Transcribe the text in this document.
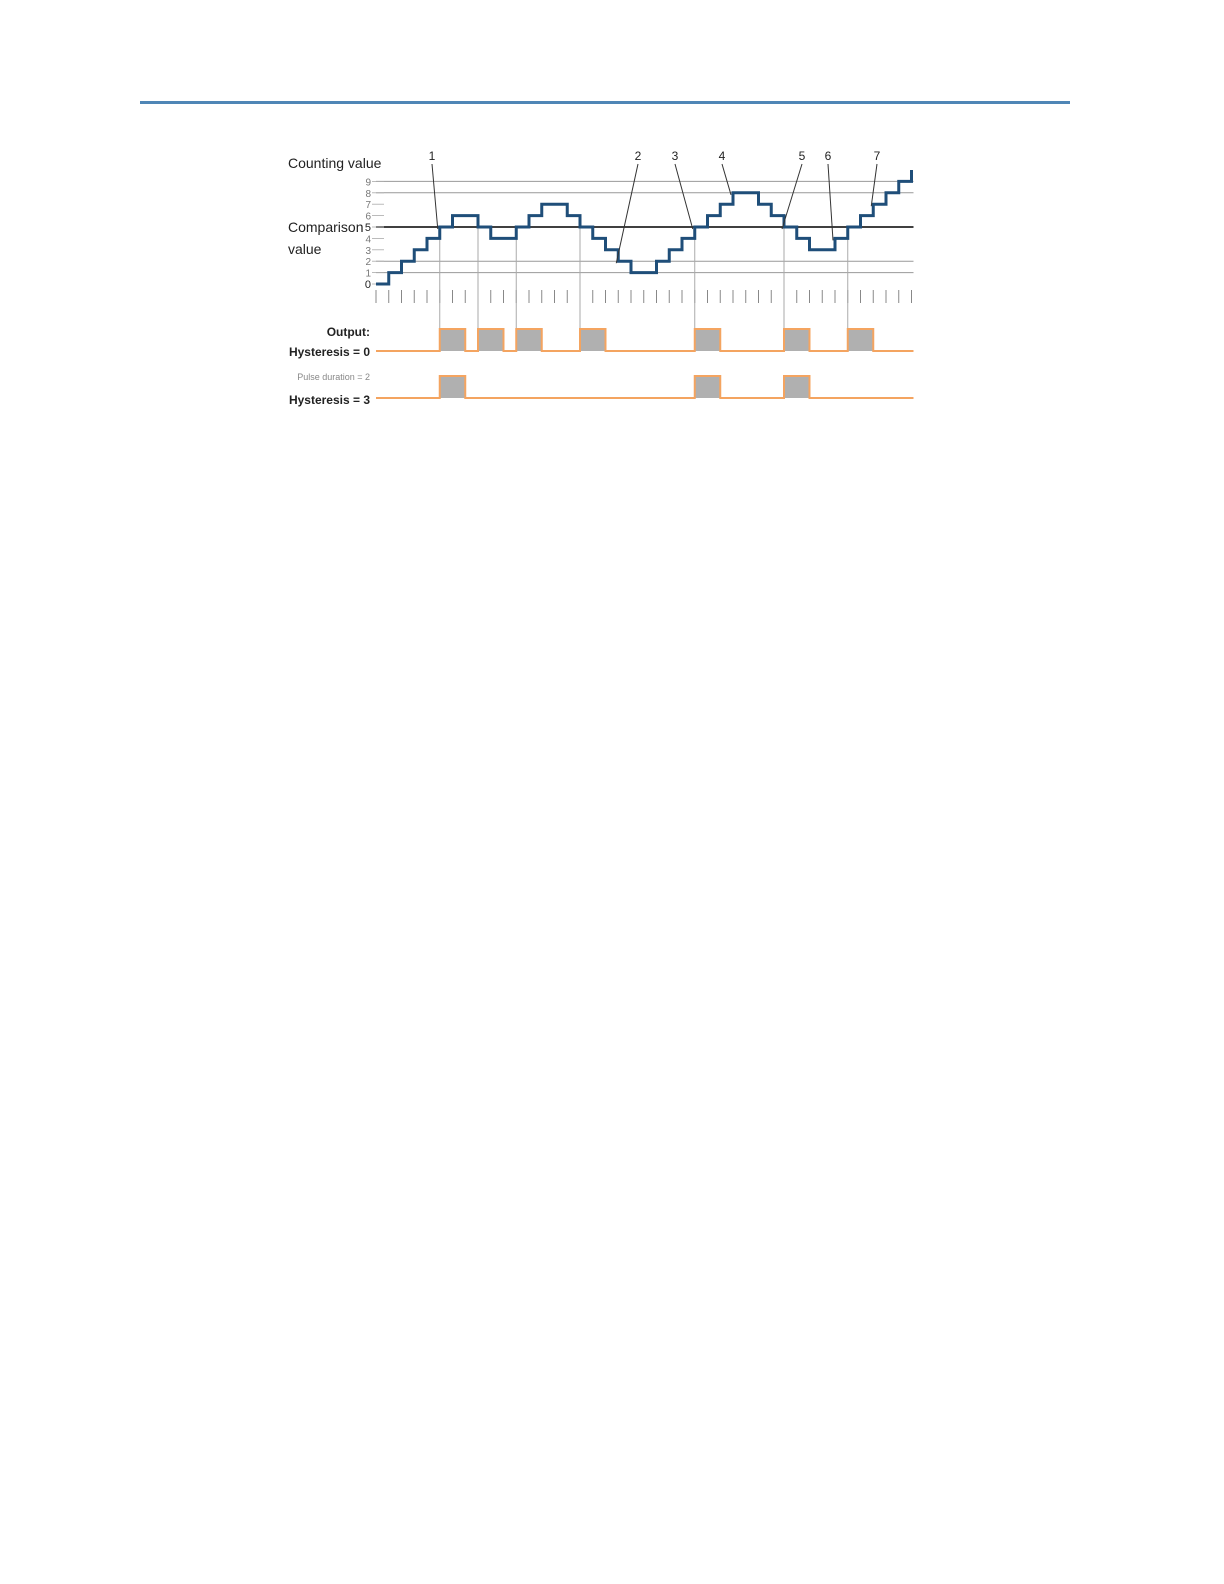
Counting value
Comparison
value
0
1
2
3
4
5
6
7
8
9
1	2	3	4	5 6	7
Output:
Hysteresis = 0
Pulse duration = 2
Hysteresis = 3
